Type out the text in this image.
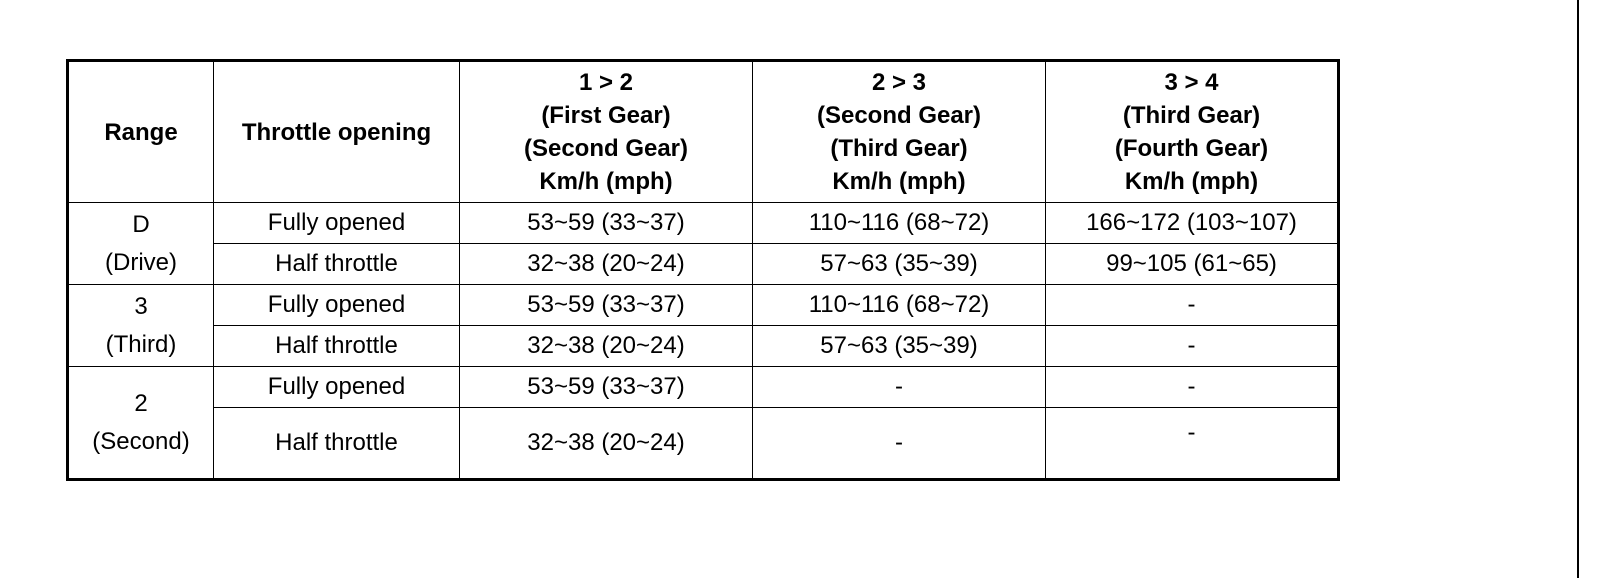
Range	Throttle opening	1 > 2
(First Gear)
(Second Gear)
Km/h (mph)	2 > 3
(Second Gear)
(Third Gear)
Km/h (mph)	3 > 4
(Third Gear)
(Fourth Gear)
Km/h (mph)

D
(Drive)	Fully opened	53~59 (33~37)	110~116 (68~72)	166~172 (103~107)
	Half throttle	32~38 (20~24)	57~63 (35~39)	99~105 (61~65)

3
(Third)	Fully opened	53~59 (33~37)	110~116 (68~72)	-
	Half throttle	32~38 (20~24)	57~63 (35~39)	-

2
(Second)	Fully opened	53~59 (33~37)	-	-
	Half throttle	32~38 (20~24)	-	-
